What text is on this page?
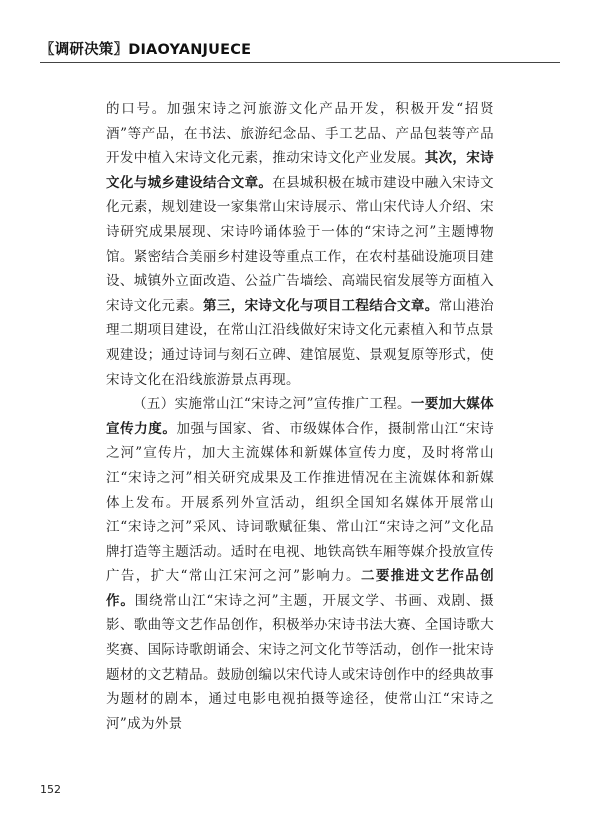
〖调研决策〗DIAOYANJUECE

的口号。加强宋诗之河旅游文化产品开发，积极开发“招贤酒”等产品，在书法、旅游纪念品、手工艺品、产品包装等产品开发中植入宋诗文化元素，推动宋诗文化产业发展。其次，宋诗文化与城乡建设结合文章。在县城积极在城市建设中融入宋诗文化元素，规划建设一家集常山宋诗展示、常山宋代诗人介绍、宋诗研究成果展现、宋诗吟诵体验于一体的“宋诗之河”主题博物馆。紧密结合美丽乡村建设等重点工作，在农村基础设施项目建设、城镇外立面改造、公益广告墙绘、高端民宿发展等方面植入宋诗文化元素。第三，宋诗文化与项目工程结合文章。常山港治理二期项目建设，在常山江沿线做好宋诗文化元素植入和节点景观建设；通过诗词与刻石立碑、建馆展览、景观复原等形式，使宋诗文化在沿线旅游景点再现。

（五）实施常山江“宋诗之河”宣传推广工程。一要加大媒体宣传力度。加强与国家、省、市级媒体合作，摄制常山江“宋诗之河”宣传片，加大主流媒体和新媒体宣传力度，及时将常山江“宋诗之河”相关研究成果及工作推进情况在主流媒体和新媒体上发布。开展系列外宣活动，组织全国知名媒体开展常山江“宋诗之河”采风、诗词歌赋征集、常山江“宋诗之河”文化品牌打造等主题活动。适时在电视、地铁高铁车厢等媒介投放宣传广告，扩大“常山江宋河之河”影响力。二要推进文艺作品创作。围绕常山江“宋诗之河”主题，开展文学、书画、戏剧、摄影、歌曲等文艺作品创作，积极举办宋诗书法大赛、全国诗歌大奖赛、国际诗歌朗诵会、宋诗之河文化节等活动，创作一批宋诗题材的文艺精品。鼓励创编以宋代诗人或宋诗创作中的经典故事为题材的剧本，通过电影电视拍摄等途径，使常山江“宋诗之河”成为外景

152
